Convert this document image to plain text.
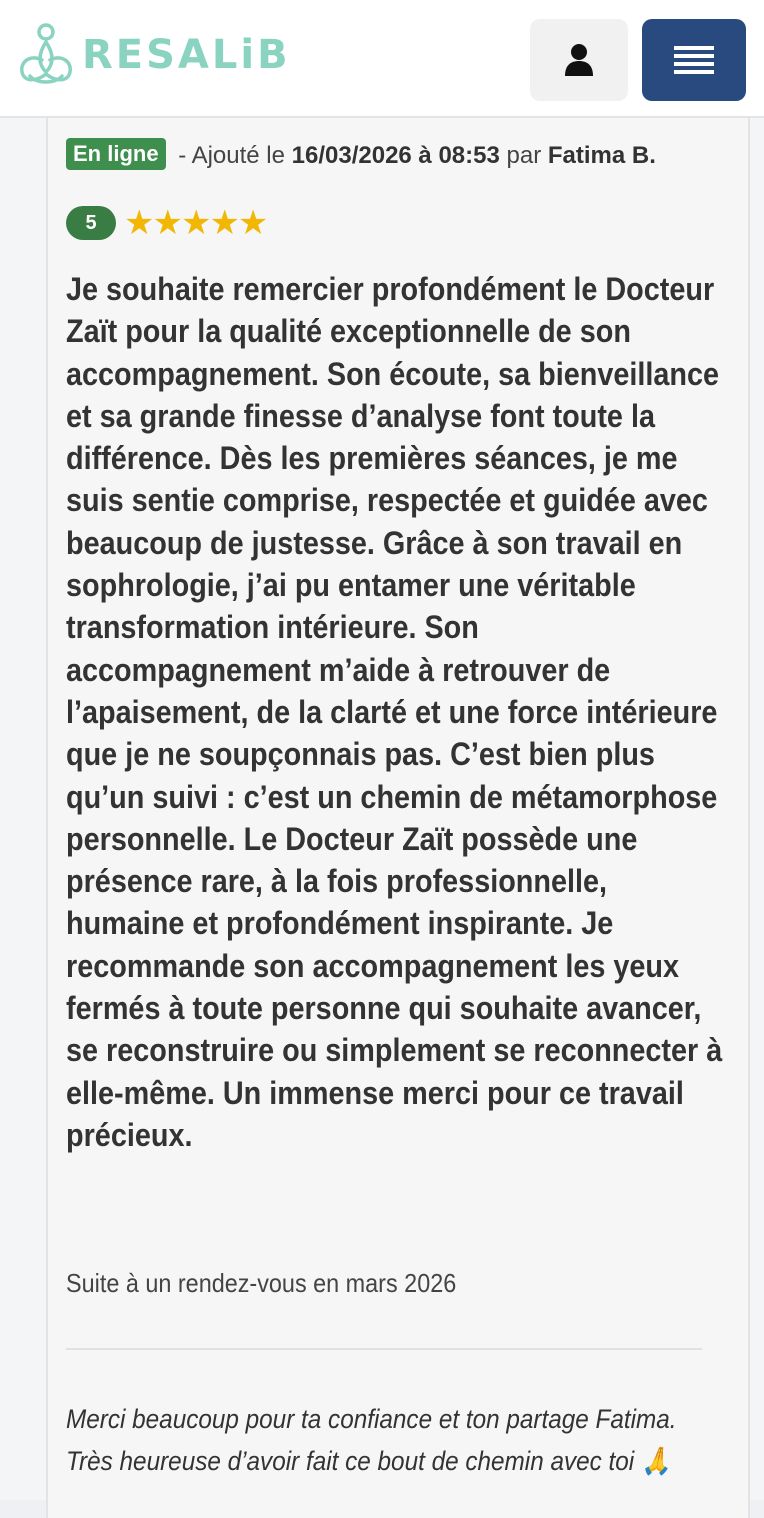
RESALiB
En ligne - Ajouté le 16/03/2026 à 08:53 par Fatima B.
5 ★★★★★
Je souhaite remercier profondément le Docteur Zaït pour la qualité exceptionnelle de son accompagnement. Son écoute, sa bienveillance et sa grande finesse d’analyse font toute la différence. Dès les premières séances, je me suis sentie comprise, respectée et guidée avec beaucoup de justesse. Grâce à son travail en sophrologie, j’ai pu entamer une véritable transformation intérieure. Son accompagnement m’aide à retrouver de l’apaisement, de la clarté et une force intérieure que je ne soupçonnais pas. C’est bien plus qu’un suivi : c’est un chemin de métamorphose personnelle. Le Docteur Zaït possède une présence rare, à la fois professionnelle, humaine et profondément inspirante. Je recommande son accompagnement les yeux fermés à toute personne qui souhaite avancer, se reconstruire ou simplement se reconnecter à elle-même. Un immense merci pour ce travail précieux.
Suite à un rendez-vous en mars 2026
Merci beaucoup pour ta confiance et ton partage Fatima. Très heureuse d’avoir fait ce bout de chemin avec toi 🙏
